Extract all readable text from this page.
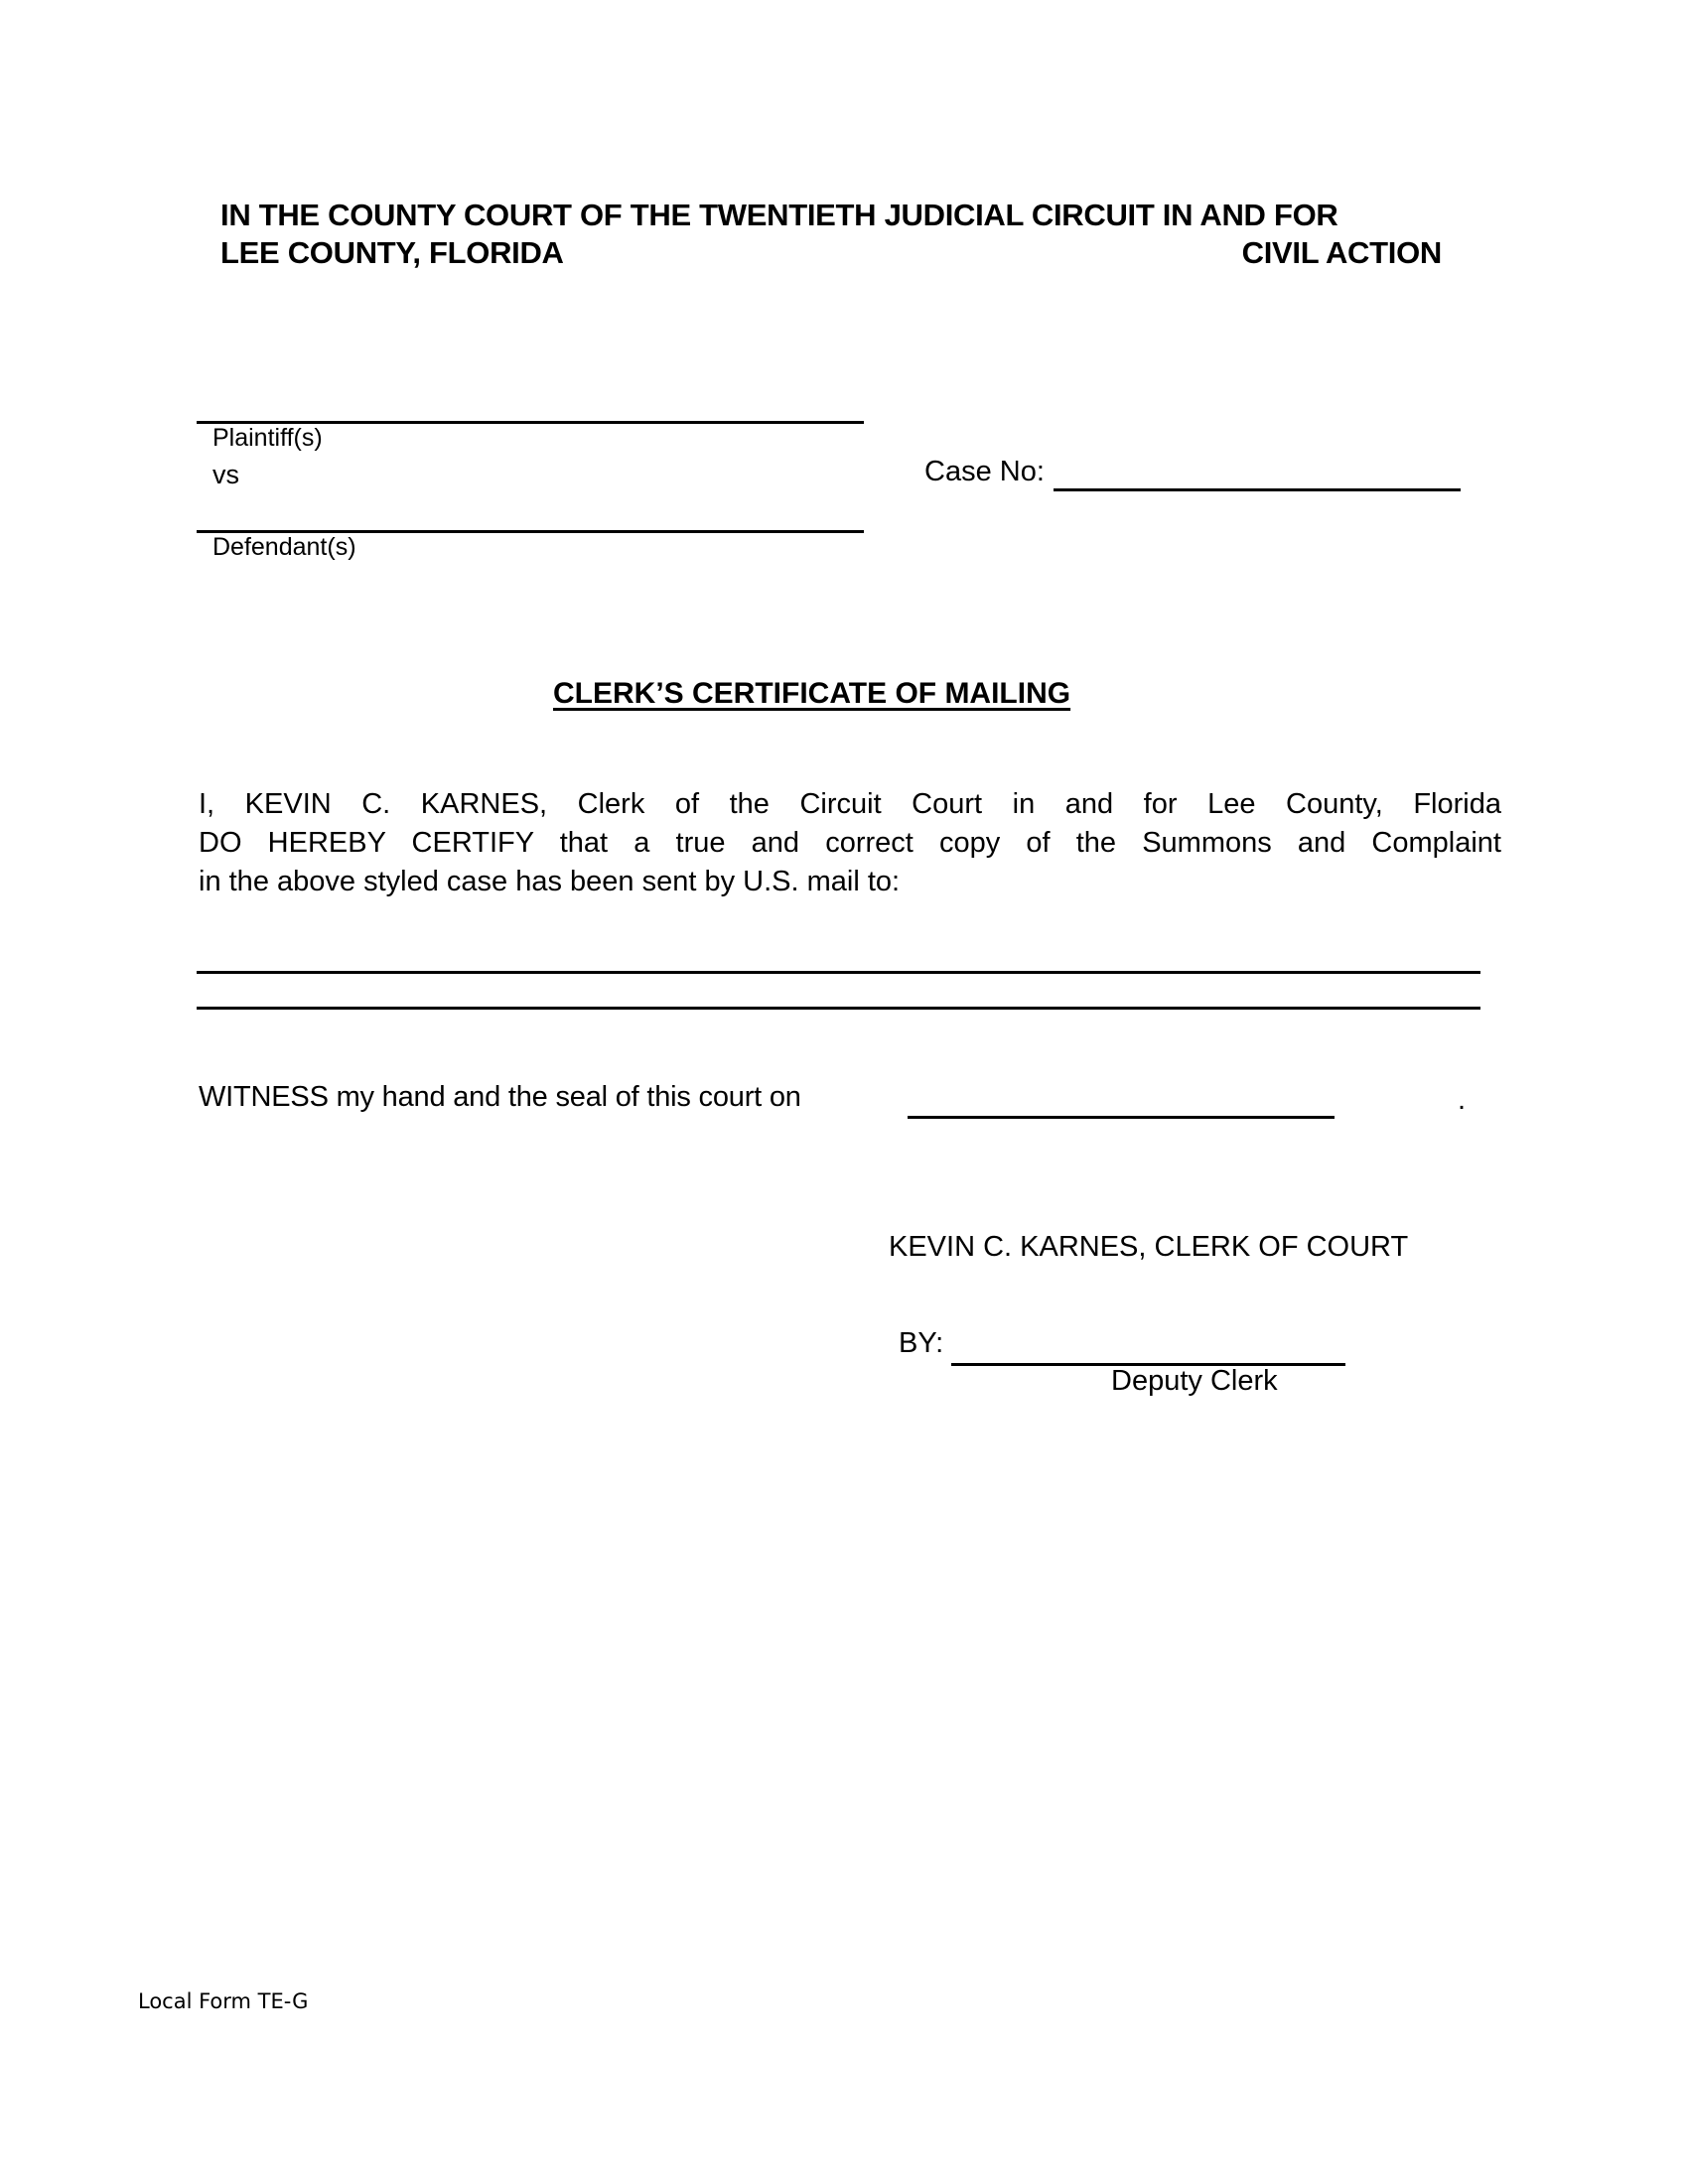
IN THE COUNTY COURT OF THE TWENTIETH JUDICIAL CIRCUIT IN AND FOR
LEE COUNTY, FLORIDA	CIVIL ACTION
Plaintiff(s)
vs
Defendant(s)
Case No:
CLERK’S CERTIFICATE OF MAILING
I, KEVIN C. KARNES, Clerk of the Circuit Court in and for Lee County, Florida
DO HEREBY CERTIFY that a true and correct copy of the Summons and Complaint
in the above styled case has been sent by U.S. mail to:
WITNESS my hand and the seal of this court on	.
KEVIN C. KARNES, CLERK OF COURT
BY:
Deputy Clerk
Local Form TE-G
